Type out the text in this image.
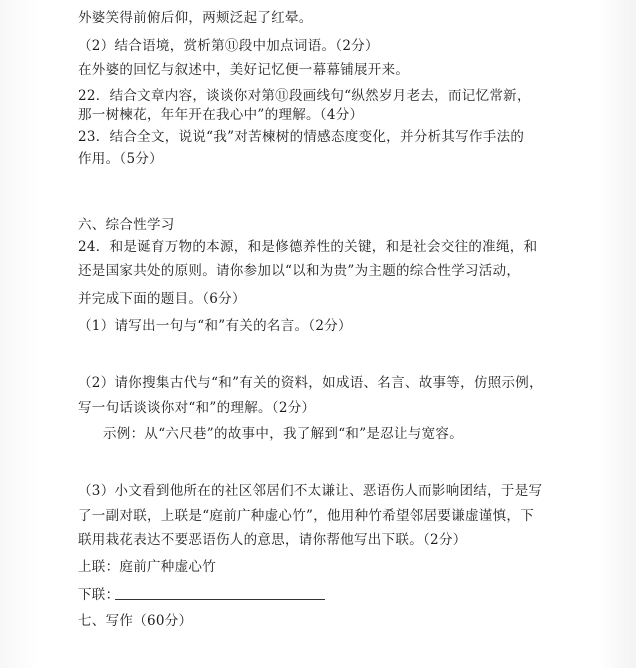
外婆笑得前俯后仰，两颊泛起了红晕。
（2）结合语境，赏析第⑪段中加点词语。（2分）
在外婆的回忆与叙述中，美好记忆便一幕幕铺展开来。
22．结合文章内容，谈谈你对第⑪段画线句“纵然岁月老去，而记忆常新，
那一树楝花，年年开在我心中”的理解。（4分）
23．结合全文，说说“我”对苦楝树的情感态度变化，并分析其写作手法的
作用。（5分）
六、综合性学习
24．和是诞育万物的本源，和是修德养性的关键，和是社会交往的准绳，和
还是国家共处的原则。请你参加以“以和为贵”为主题的综合性学习活动，
并完成下面的题目。（6分）
（1）请写出一句与“和”有关的名言。（2分）
（2）请你搜集古代与“和”有关的资料，如成语、名言、故事等，仿照示例，
写一句话谈谈你对“和”的理解。（2分）
示例：从“六尺巷”的故事中，我了解到“和”是忍让与宽容。
（3）小文看到他所在的社区邻居们不太谦让、恶语伤人而影响团结，于是写
了一副对联，上联是“庭前广种虚心竹”，他用种竹希望邻居要谦虚谨慎，下
联用栽花表达不要恶语伤人的意思，请你帮他写出下联。（2分）
上联：庭前广种虚心竹
下联：
七、写作（60分）
